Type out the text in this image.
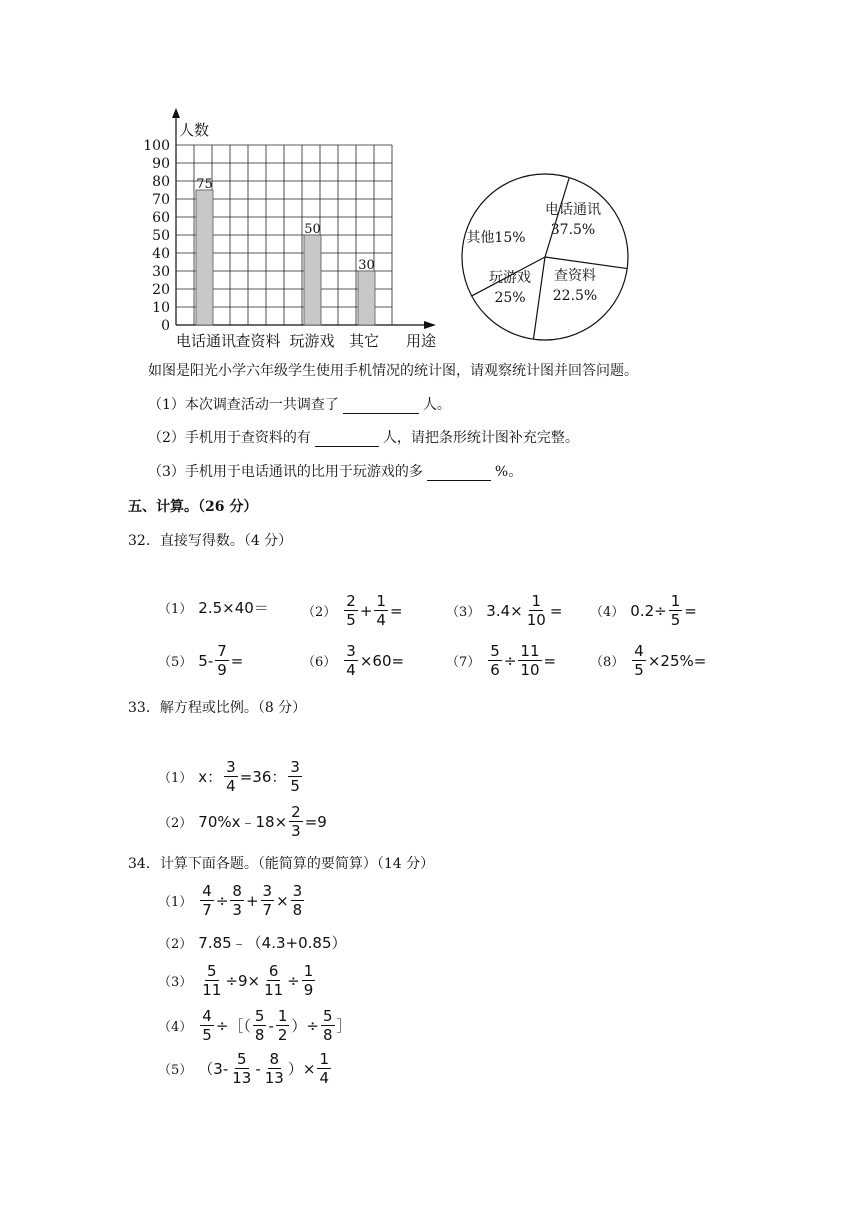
0
10
20
30
40
50
60
70
80
90
100
人数
用途
电话通讯 查资料 玩游戏 其它
75
50
30
电话通讯
37.5%
查资料
22.5%
玩游戏
25%
其他15%
如图是阳光小学六年级学生使用手机情况的统计图，请观察统计图并回答问题。
（1）本次调查活动一共调查了	人。
（2）手机用于查资料的有	人，请把条形统计图补充完整。
（3）手机用于电话通讯的比用于玩游戏的多	%。
五、计算。（26 分）
32．直接写得数。（4 分）
（1） 2.5×40＝	$(2) \frac{2}{5} + \frac{1}{4}$ =	（3） $3.4\times \frac{1}{10} = (4)$ $0.2\div \frac{1}{5}$ =
（5） $5- \frac{7}{9}$ =	$(6) \frac{3}{4} \times 60=$	$(7) \frac{5}{6} \div \frac{11}{10}$ =	$(8) \frac{4}{5} \times 25\%=$
33．解方程或比例。（8 分）
（1） x： $\frac{3}{4} =36$： $\frac{3}{5}$
（2） 70%x﹣18× $\frac{2}{3} =9$
34．计算下面各题。（能简算的要简算）（14 分）
$(1) \frac{4}{7} \div \frac{8}{3} + \frac{3}{7} \times \frac{3}{8}$
（2） 7.85﹣（4.3+0.85）
$(3) \frac{5}{11} \div 9\times \frac{6}{11} \div \frac{1}{9}$
$(4) \frac{4}{5}$ ÷［（ $\frac{5}{8} - \frac{1}{2}$ ）÷ $\frac{5}{8}$ ］
（5） （$3- \frac{5}{13} - \frac{8}{13}$ ）× $\frac{1}{4}$
